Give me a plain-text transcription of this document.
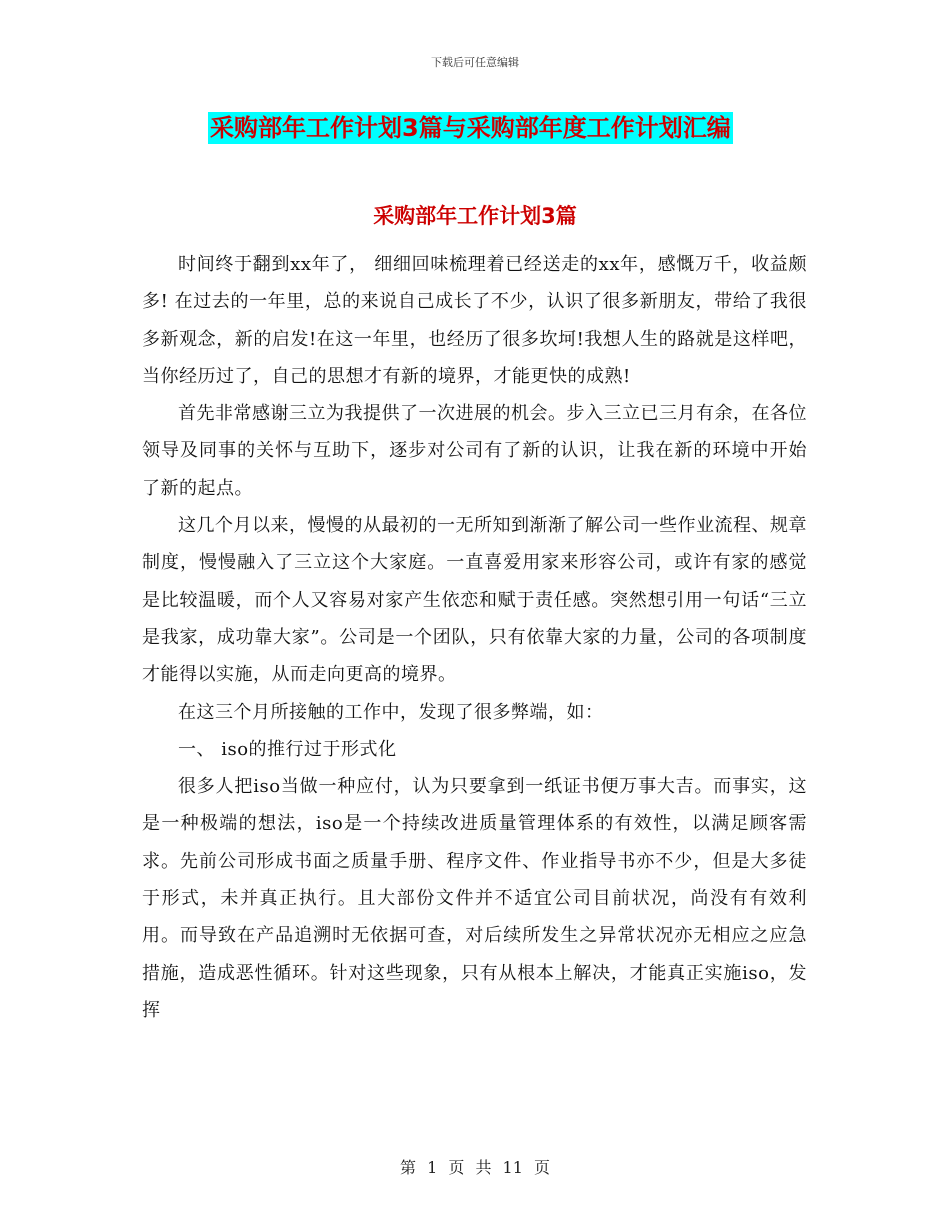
下载后可任意编辑
采购部年工作计划3篇与采购部年度工作计划汇编
采购部年工作计划3篇

时间终于翻到xx年了， 细细回味梳理着已经送走的xx年，感慨万千，收益颇多! 在过去的一年里，总的来说自己成长了不少，认识了很多新朋友，带给了我很多新观念，新的启发!在这一年里，也经历了很多坎坷!我想人生的路就是这样吧，当你经历过了，自己的思想才有新的境界，才能更快的成熟!

首先非常感谢三立为我提供了一次进展的机会。步入三立已三月有余，在各位领导及同事的关怀与互助下，逐步对公司有了新的认识，让我在新的环境中开始了新的起点。

这几个月以来，慢慢的从最初的一无所知到渐渐了解公司一些作业流程、规章制度，慢慢融入了三立这个大家庭。一直喜爱用家来形容公司，或许有家的感觉是比较温暖，而个人又容易对家产生依恋和赋于责任感。突然想引用一句话“三立是我家，成功靠大家”。公司是一个团队，只有依靠大家的力量，公司的各项制度才能得以实施，从而走向更高的境界。

在这三个月所接触的工作中，发现了很多弊端，如：

一、 iso的推行过于形式化

很多人把iso当做一种应付，认为只要拿到一纸证书便万事大吉。而事实，这是一种极端的想法，iso是一个持续改进质量管理体系的有效性，以满足顾客需求。先前公司形成书面之质量手册、程序文件、作业指导书亦不少，但是大多徒于形式，未并真正执行。且大部份文件并不适宜公司目前状况，尚没有有效利用。而导致在产品追溯时无依据可查，对后续所发生之异常状况亦无相应之应急措施，造成恶性循环。针对这些现象，只有从根本上解决，才能真正实施iso，发挥

第 1 页 共 11 页
